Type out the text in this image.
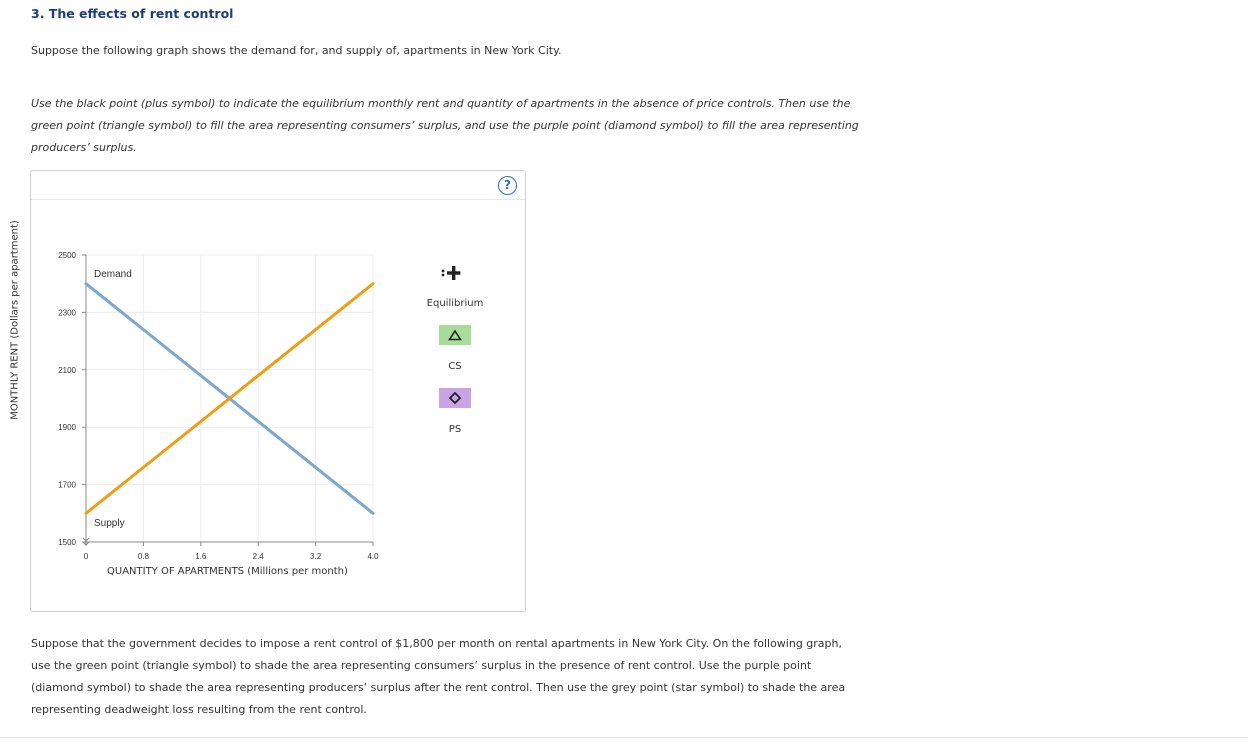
3. The effects of rent control
Suppose the following graph shows the demand for, and supply of, apartments in New York City.
Use the black point (plus symbol) to indicate the equilibrium monthly rent and quantity of apartments in the absence of price controls. Then use the
green point (triangle symbol) to fill the area representing consumers’ surplus, and use the purple point (diamond symbol) to fill the area representing
producers’ surplus.
?
MONTHLY RENT (Dollars per apartment)	2500
2300
2100
1900
1700
1500
0	0.8	1.6	2.4	3.2	4.0
Demand
Supply
QUANTITY OF APARTMENTS (Millions per month)
Equilibrium
CS
PS
Suppose that the government decides to impose a rent control of $1,800 per month on rental apartments in New York City. On the following graph,
use the green point (triangle symbol) to shade the area representing consumers’ surplus in the presence of rent control. Use the purple point
(diamond symbol) to shade the area representing producers’ surplus after the rent control. Then use the grey point (star symbol) to shade the area
representing deadweight loss resulting from the rent control.
